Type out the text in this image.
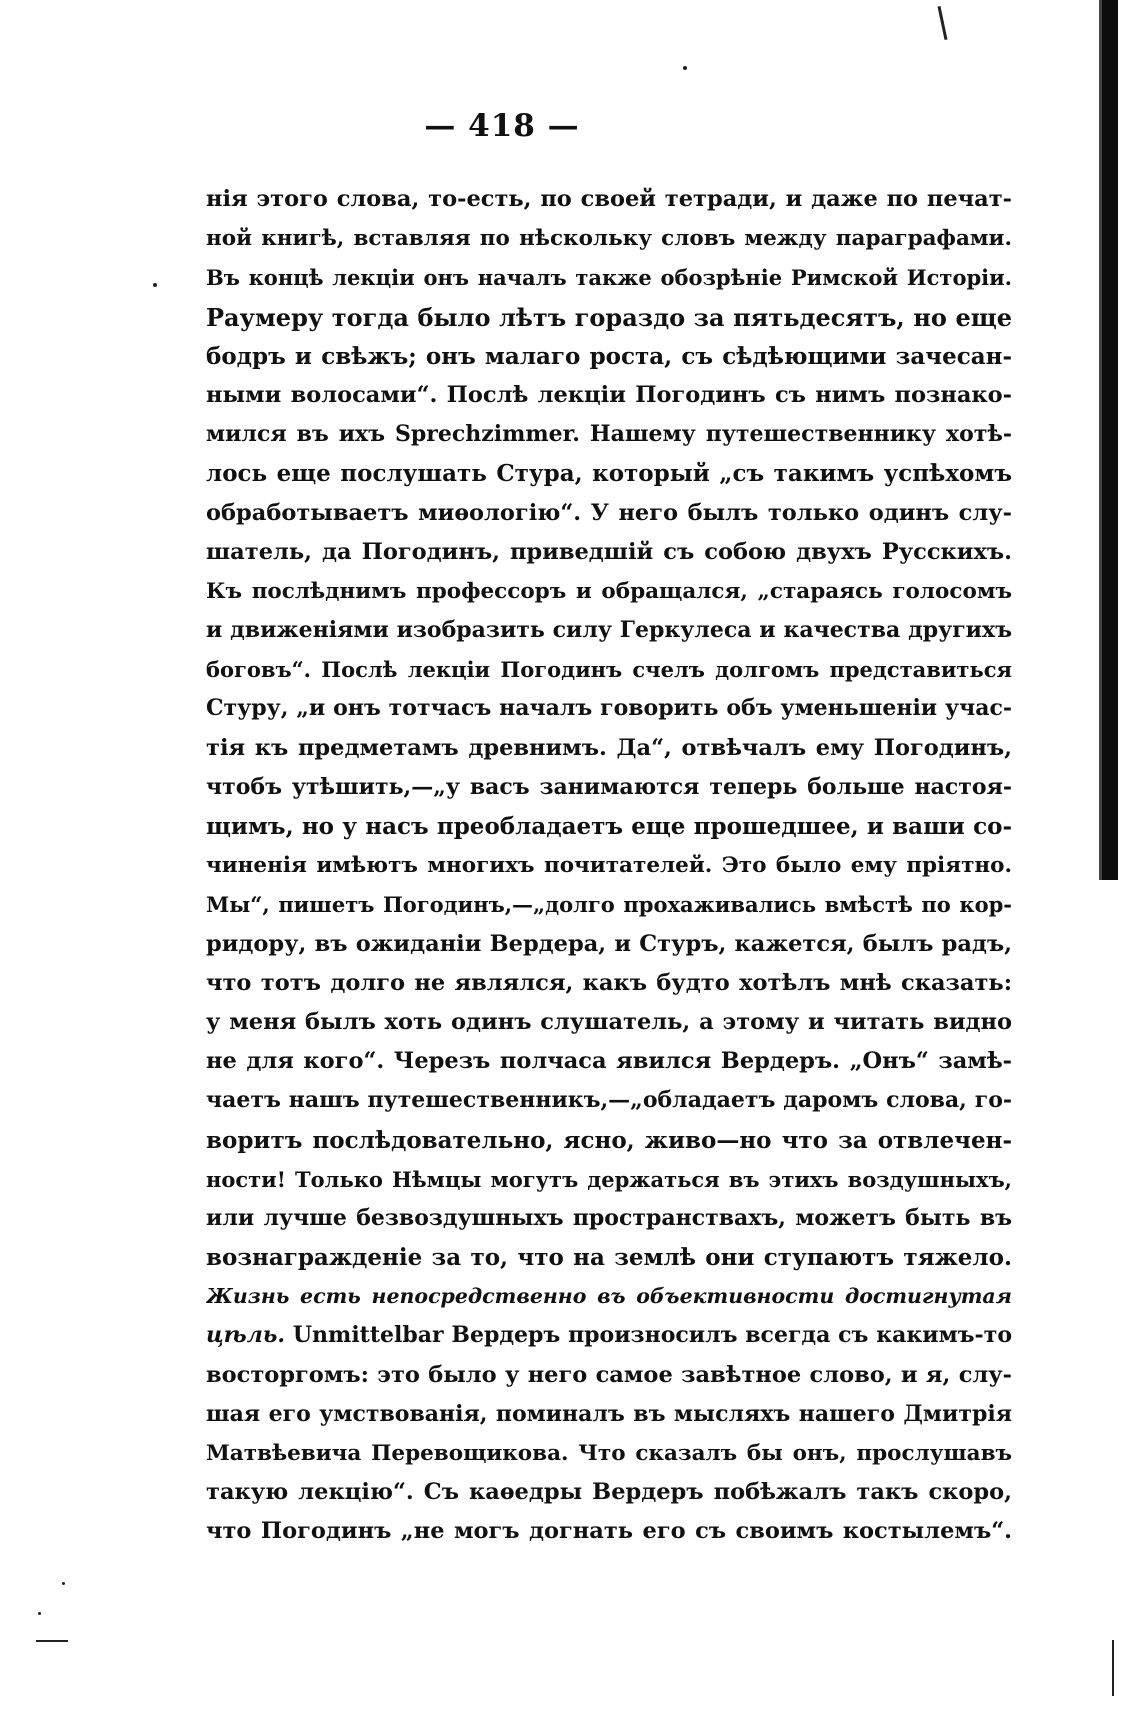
— 418 —
нія этого слова, то-есть, по своей тетради, и даже по печат-
ной книгѣ, вставляя по нѣскольку словъ между параграфами.
Въ концѣ лекціи онъ началъ также обозрѣніе Римской Исторіи.
Раумеру тогда было лѣтъ гораздо за пятьдесятъ, но еще
бодръ и свѣжъ; онъ малаго роста, съ сѣдѣющими зачесан-
ными волосами“. Послѣ лекціи Погодинъ съ нимъ познако-
мился въ ихъ Sprechzimmer. Нашему путешественнику хотѣ-
лось еще послушать Стура, который „съ такимъ успѣхомъ
обработываетъ миѳологію“. У него былъ только одинъ слу-
шатель, да Погодинъ, приведшій съ собою двухъ Русскихъ.
Къ послѣднимъ профессоръ и обращался, „стараясь голосомъ
и движеніями изобразить силу Геркулеса и качества другихъ
боговъ“. Послѣ лекціи Погодинъ счелъ долгомъ представиться
Стуру, „и онъ тотчасъ началъ говорить объ уменьшеніи учас-
тія къ предметамъ древнимъ. Да“, отвѣчалъ ему Погодинъ,
чтобъ утѣшить,—„у васъ занимаются теперь больше настоя-
щимъ, но у насъ преобладаетъ еще прошедшее, и ваши со-
чиненія имѣютъ многихъ почитателей. Это было ему пріятно.
Мы“, пишетъ Погодинъ,—„долго прохаживались вмѣстѣ по кор-
ридору, въ ожиданіи Вердера, и Стуръ, кажется, былъ радъ,
что тотъ долго не являлся, какъ будто хотѣлъ мнѣ сказать:
у меня былъ хоть одинъ слушатель, а этому и читать видно
не для кого“. Черезъ полчаса явился Вердеръ. „Онъ“ замѣ-
чаетъ нашъ путешественникъ,—„обладаетъ даромъ слова, го-
воритъ послѣдовательно, ясно, живо—но что за отвлечен-
ности! Только Нѣмцы могутъ держаться въ этихъ воздушныхъ,
или лучше безвоздушныхъ пространствахъ, можетъ быть въ
вознагражденіе за то, что на землѣ они ступаютъ тяжело.
Жизнь есть непосредственно въ объективности достигнутая
цѣль. Unmittelbar Вердеръ произносилъ всегда съ какимъ-то
восторгомъ: это было у него самое завѣтное слово, и я, слу-
шая его умствованія, поминалъ въ мысляхъ нашего Дмитрія
Матвѣевича Перевощикова. Что сказалъ бы онъ, прослушавъ
такую лекцію“. Съ каѳедры Вердеръ побѣжалъ такъ скоро,
что Погодинъ „не могъ догнать его съ своимъ костылемъ“.
